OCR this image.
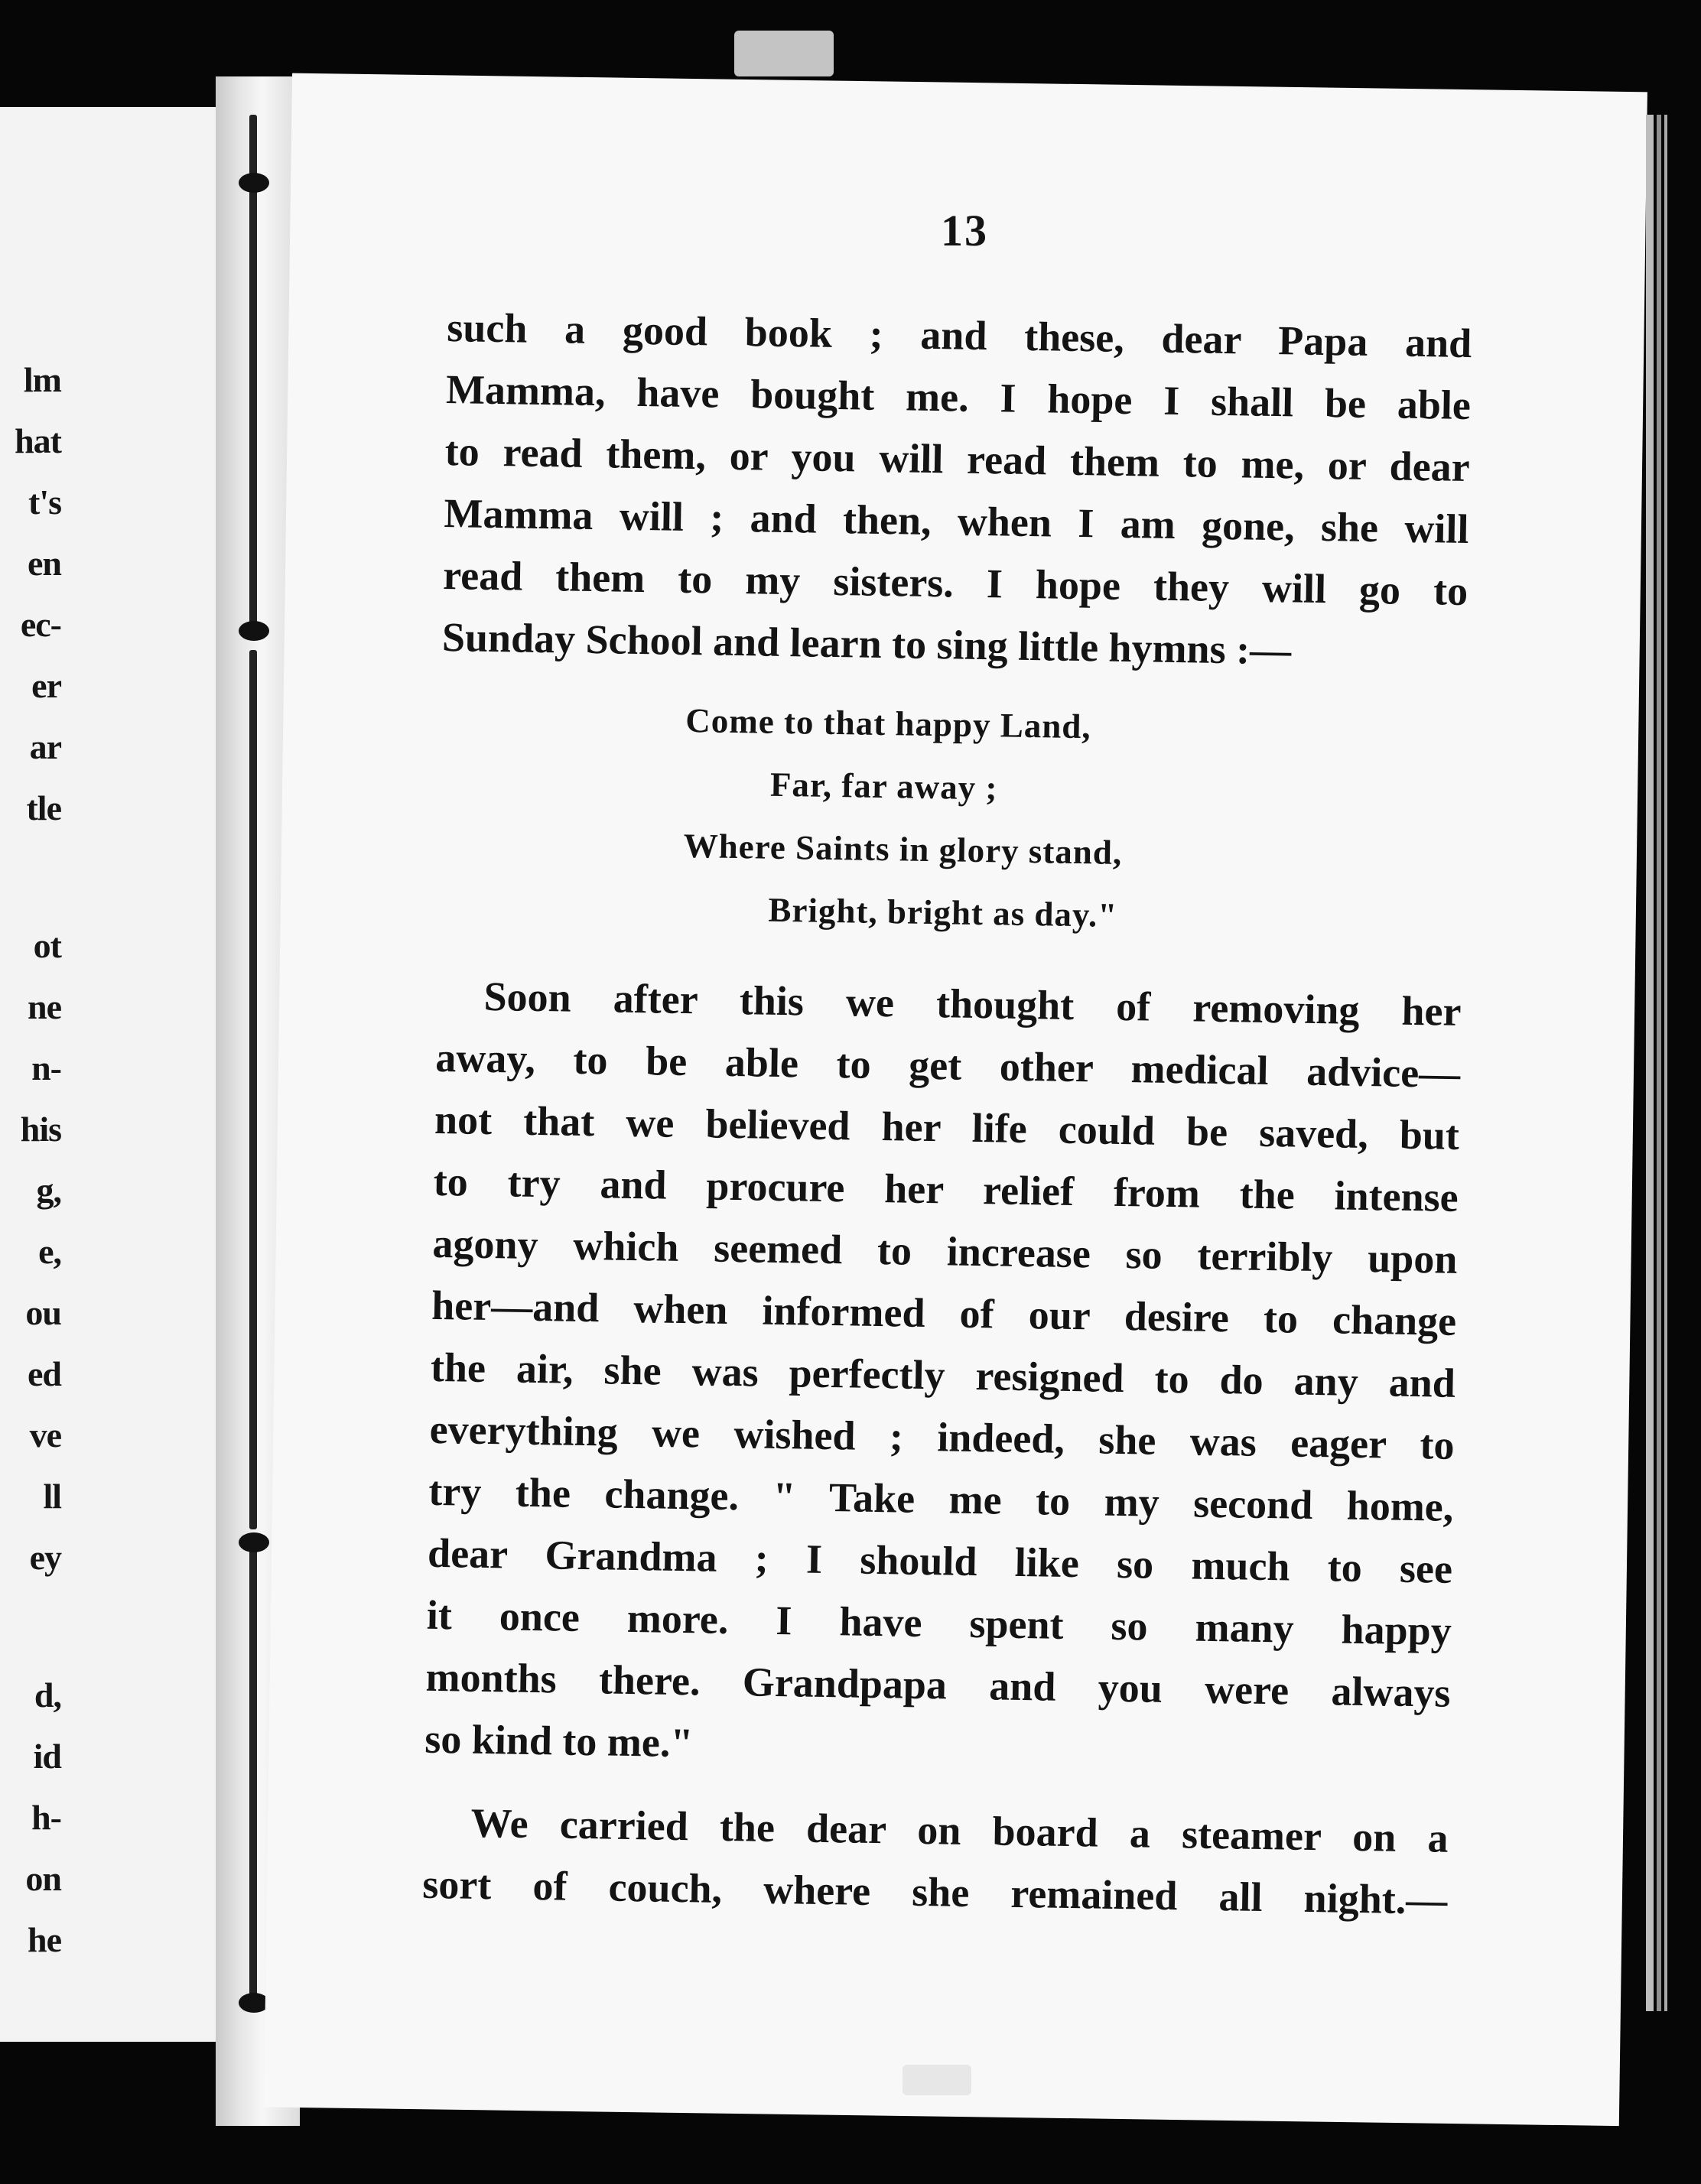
lm
hat
t's
en
ec-
er
ar
tle
ot
ne
n-
his
g,
e,
ou
ed
ve
ll
ey
d,
id
h-
on
he
13
such a good book ; and these, dear Papa and
Mamma, have bought me. I hope I shall be able
to read them, or you will read them to me, or dear
Mamma will ; and then, when I am gone, she will
read them to my sisters. I hope they will go to
Sunday School and learn to sing little hymns :—
Come to that happy Land,
Far, far away ;
Where Saints in glory stand,
Bright, bright as day."
Soon after this we thought of removing her
away, to be able to get other medical advice—
not that we believed her life could be saved, but
to try and procure her relief from the intense
agony which seemed to increase so terribly upon
her—and when informed of our desire to change
the air, she was perfectly resigned to do any and
everything we wished ; indeed, she was eager to
try the change. " Take me to my second home,
dear Grandma ; I should like so much to see
it once more. I have spent so many happy
months there. Grandpapa and you were always
so kind to me."
We carried the dear on board a steamer on a
sort of couch, where she remained all night.—
